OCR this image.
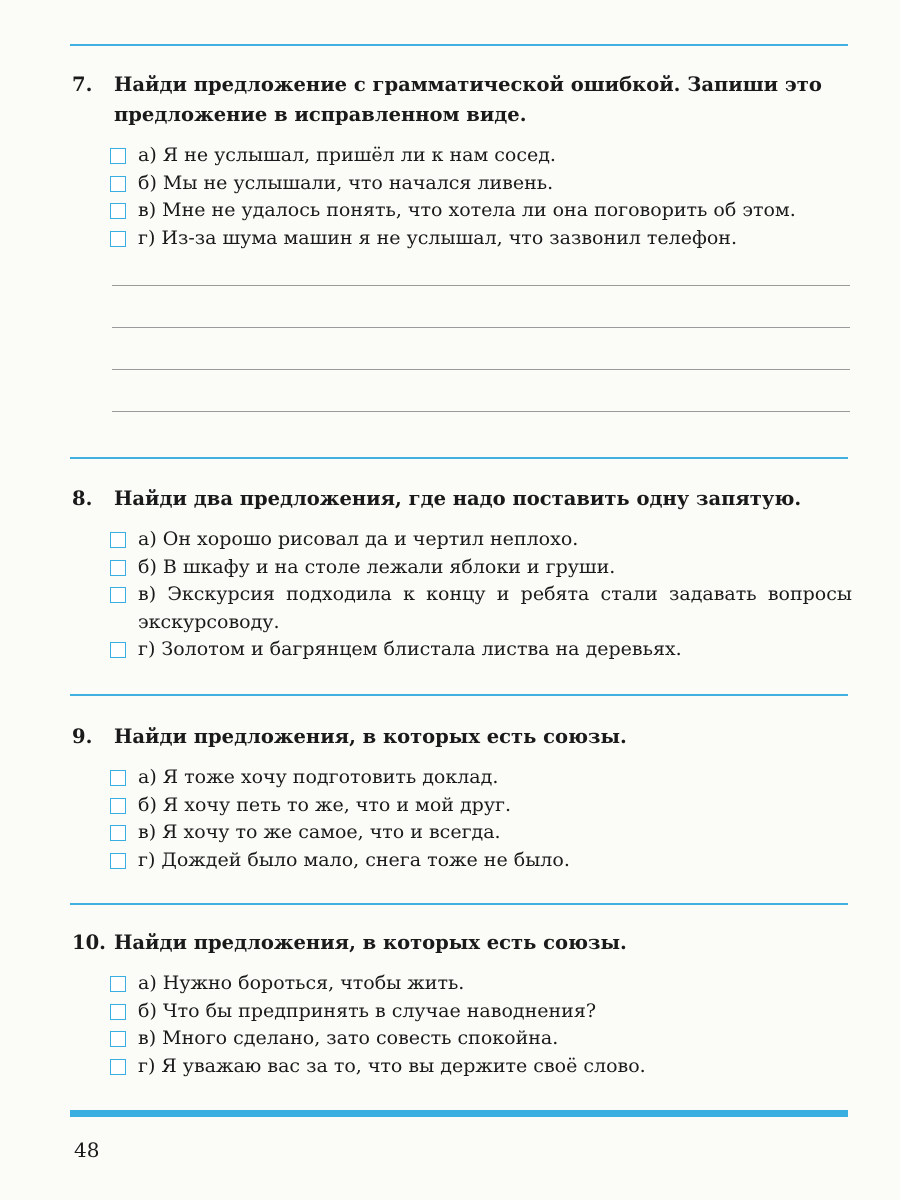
7.	Найди предложение с грамматической ошибкой. Запиши это предложение в исправленном виде.

а) Я не услышал, пришёл ли к нам сосед.
б) Мы не услышали, что начался ливень.
в) Мне не удалось понять, что хотела ли она поговорить об этом.
г) Из-за шума машин я не услышал, что зазвонил телефон.

8.	Найди два предложения, где надо поставить одну запятую.

а) Он хорошо рисовал да и чертил неплохо.
б) В шкафу и на столе лежали яблоки и груши.
в) Экскурсия подходила к концу и ребята стали задавать вопросы экскурсоводу.
г) Золотом и багрянцем блистала листва на деревьях.

9.	Найди предложения, в которых есть союзы.

а) Я тоже хочу подготовить доклад.
б) Я хочу петь то же, что и мой друг.
в) Я хочу то же самое, что и всегда.
г) Дождей было мало, снега тоже не было.

10. Найди предложения, в которых есть союзы.

а) Нужно бороться, чтобы жить.
б) Что бы предпринять в случае наводнения?
в) Много сделано, зато совесть спокойна.
г) Я уважаю вас за то, что вы держите своё слово.
48
